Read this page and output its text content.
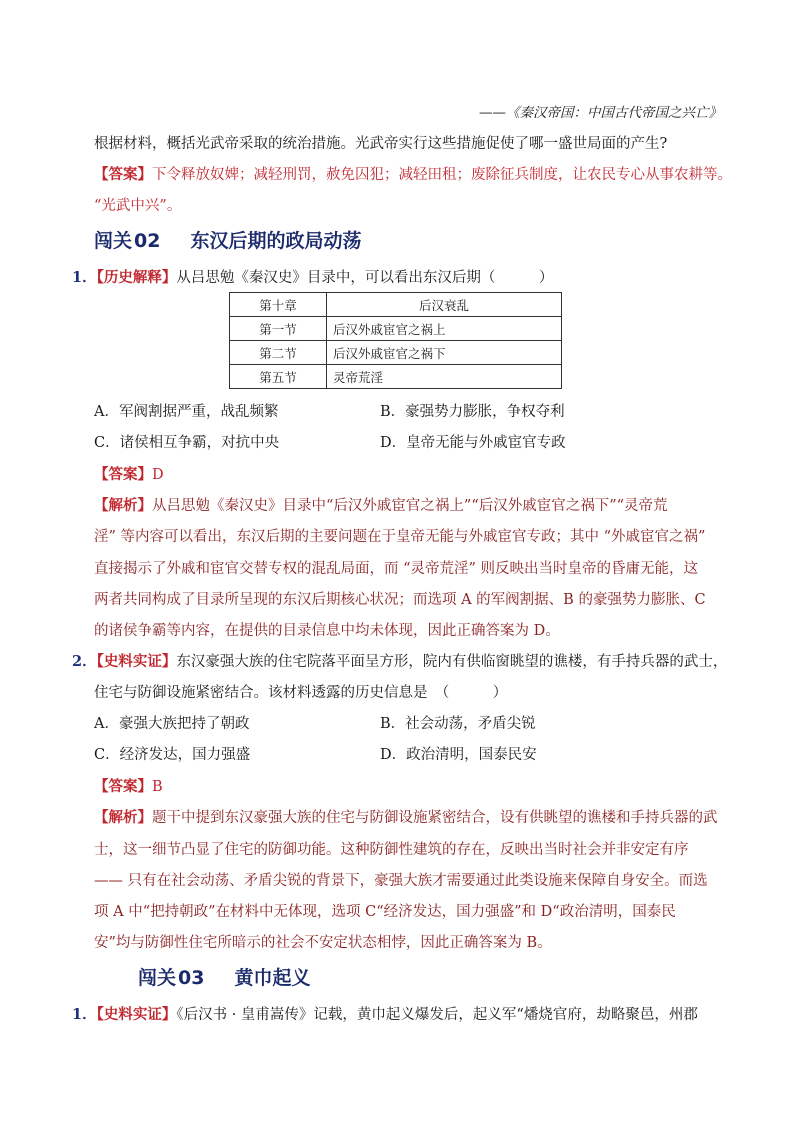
——《秦汉帝国：中国古代帝国之兴亡》
根据材料，概括光武帝采取的统治措施。光武帝实行这些措施促使了哪一盛世局面的产生?
【答案】下令释放奴婢；减轻刑罚，赦免囚犯；减轻田租；废除征兵制度，让农民专心从事农耕等。
“光武中兴”。
闯关 02 东汉后期的政局动荡
1．【历史解释】从吕思勉《秦汉史》目录中，可以看出东汉后期（　　　）
第十章	后汉衰乱
第一节	后汉外戚宦官之祸上
第二节	后汉外戚宦官之祸下
第五节	灵帝荒淫
A．军阀割据严重，战乱频繁	B．豪强势力膨胀，争权夺利
C．诸侯相互争霸，对抗中央	D．皇帝无能与外戚宦官专政
【答案】D
【解析】从吕思勉《秦汉史》目录中“后汉外戚宦官之祸上”“后汉外戚宦官之祸下”“灵帝荒
淫” 等内容可以看出，东汉后期的主要问题在于皇帝无能与外戚宦官专政；其中 “外戚宦官之祸”
直接揭示了外戚和宦官交替专权的混乱局面，而 “灵帝荒淫” 则反映出当时皇帝的昏庸无能，这
两者共同构成了目录所呈现的东汉后期核心状况；而选项 A 的军阀割据、B 的豪强势力膨胀、C
的诸侯争霸等内容，在提供的目录信息中均未体现，因此正确答案为 D。
2．【史料实证】东汉豪强大族的住宅院落平面呈方形，院内有供临窗眺望的谯楼，有手持兵器的武士，
住宅与防御设施紧密结合。该材料透露的历史信息是　（　　　）
A．豪强大族把持了朝政	B．社会动荡，矛盾尖锐
C．经济发达，国力强盛	D．政治清明，国泰民安
【答案】B
【解析】题干中提到东汉豪强大族的住宅与防御设施紧密结合，设有供眺望的谯楼和手持兵器的武
士，这一细节凸显了住宅的防御功能。这种防御性建筑的存在，反映出当时社会并非安定有序
—— 只有在社会动荡、矛盾尖锐的背景下，豪强大族才需要通过此类设施来保障自身安全。而选
项 A 中“把持朝政”在材料中无体现，选项 C“经济发达，国力强盛”和 D“政治清明，国泰民
安”均与防御性住宅所暗示的社会不安定状态相悖，因此正确答案为 B。
闯关 03 黄巾起义
1．【史料实证】《后汉书 · 皇甫嵩传》记载，黄巾起义爆发后，起义军“燔烧官府，劫略聚邑，州郡
